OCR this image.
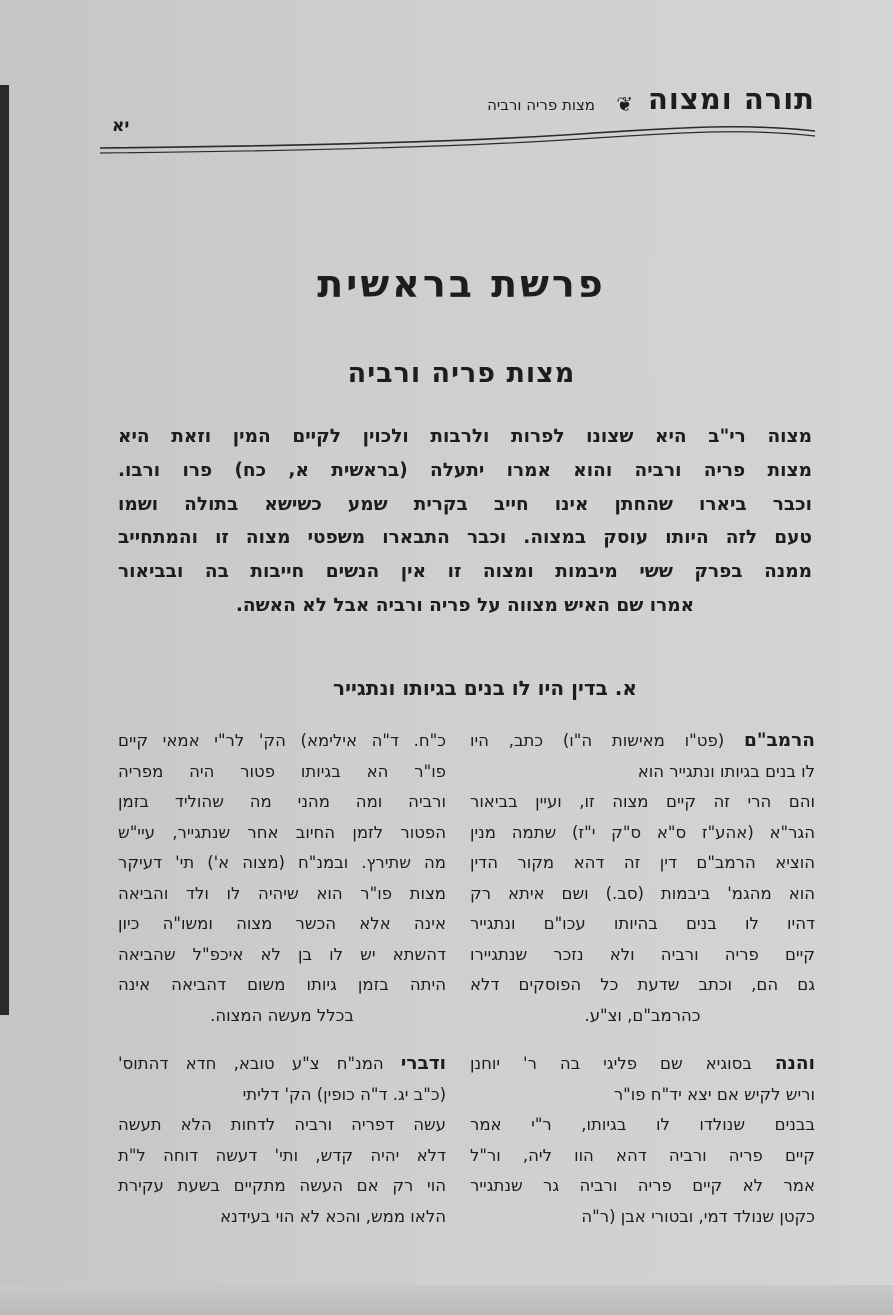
תורה ומצוה
❦
מצות פריה ורביה
יא
פרשת בראשית
מצות פריה ורביה
מצוה רי"ב היא שצונו לפרות ולרבות ולכוין לקיים המין וזאת היא
מצות פריה ורביה והוא אמרו יתעלה (בראשית א, כח) פרו ורבו.
וכבר ביארו שהחתן אינו חייב בקרית שמע כשישא בתולה ושמו
טעם לזה היותו עוסק במצוה. וכבר התבארו משפטי מצוה זו והמתחייב
ממנה בפרק ששי מיבמות ומצוה זו אין הנשים חייבות בה ובביאור
אמרו שם האיש מצווה על פריה ורביה אבל לא האשה.
א. בדין היו לו בנים בגיותו ונתגייר
הרמב"ם (פט"ו מאישות ה"ו) כתב, היו
לו בנים בגיותו ונתגייר הוא
והם הרי זה קיים מצוה זו, ועיין בביאור
הגר"א (אהע"ז ס"א ס"ק י"ז) שתמה מנין
הוציא הרמב"ם דין זה דהא מקור הדין
הוא מהגמ' ביבמות (סב.) ושם איתא רק
דהיו לו בנים בהיותו עכו"ם ונתגייר
קיים פריה ורביה ולא נזכר שנתגיירו
גם הם, וכתב שדעת כל הפוסקים דלא
כהרמב"ם, וצ"ע.
והנה בסוגיא שם פליגי בה ר' יוחנן
וריש לקיש אם יצא יד"ח פו"ר
בבנים שנולדו לו בגיותו, ר"י אמר
קיים פריה ורביה דהא הוו ליה, ור"ל
אמר לא קיים פריה ורביה גר שנתגייר
כקטן שנולד דמי, ובטורי אבן (ר"ה
כ"ח. ד"ה אילימא) הק' לר"י אמאי קיים
פו"ר הא בגיותו פטור היה מפריה
ורביה ומה מהני מה שהוליד בזמן
הפטור לזמן החיוב אחר שנתגייר, עיי"ש
מה שתירץ. ובמנ"ח (מצוה א') תי' דעיקר
מצות פו"ר הוא שיהיה לו ולד והביאה
אינה אלא הכשר מצוה ומשו"ה כיון
דהשתא יש לו בן לא איכפ"ל שהביאה
היתה בזמן גיותו משום דהביאה אינה
בכלל מעשה המצוה.
ודברי המנ"ח צ"ע טובא, חדא דהתוס'
(כ"ב יג. ד"ה כופין) הק' דליתי
עשה דפריה ורביה לדחות הלא תעשה
דלא יהיה קדש, ותי' דעשה דוחה ל"ת
הוי רק אם העשה מתקיים בשעת עקירת
הלאו ממש, והכא לא הוי בעידנא
